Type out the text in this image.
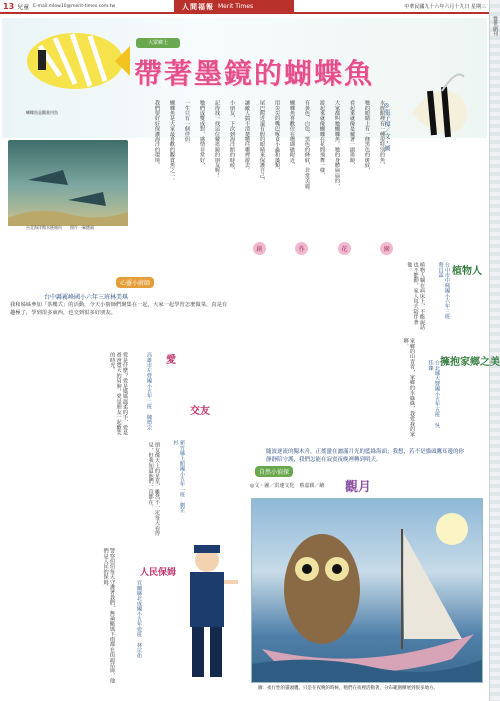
13 兒童 E-mail:mlow10@merit-times.com.tw	人間福報 Merit Times	中華民國九十六年六月十九日 星期三
覺世副刊
大眾鄉土
帶著墨鏡的蝴蝶魚
蝴蝶魚是觀賞用魚
台北海洋館水族箱內　　照片一畢德福
◎張子樟／文・圖
水族館裡有一種很特別的魚，
牠的眼睛上有一條黑色的斑紋，
看起來就像是戴著一副墨鏡，
大家都叫牠蝴蝶魚。牠的身體扁扁的，
游起來就像蝴蝶在花間飛舞一樣，
有黃色、白色、黑色的條紋，非常美麗。
蝴蝶魚喜歡住在珊瑚礁附近，
用尖尖的嘴巴啄食小蟲和藻類，
尾巴附近還有假的眼睛來保護自己，
讓敵人搞不清楚牠往哪裡游去。
小朋友，下次到海洋館的時候，
記得找一找這位戴墨鏡的朋友喔！
牠們成雙成對，感情非常好，
一生只有一個伴侶。
蝴蝶魚是大家最喜歡的觀賞魚之一。
我們要好好保護海洋的環境。
創	作	花	園
心靈小廚師
台中縣霧峰國小六年三班林美琪
我和姊姊參加「茶樓式」的活動，今天小廚師們聚集在一起，大家一起學習怎麼做菜，真是有趣極了，學到很多東西，也交到很多好朋友。
愛
高雄市左營國小五年二班　陳德宗
愛是什麼？愛是媽媽溫柔的手，愛是爸爸寬大的肩膀，愛是朋友一起歡笑的時光。
交友
新竹縣上館國小五年一班　劉芷杉
朋友像天上的星星，雖然不一定每天看得見，但我知道他們一直都在。
人民保姆
宜蘭縣北成國小五年愛班　林宗佑
警察伯伯每天守護著我們，無論颳風下雨都在街頭站崗，他們是人民的保姆。
植物人
台中市中興國小六年三班　蔡昌霖
植物人躺在病床上，不能說話也不能動，家人每天陪伴著他。
擁抱家鄉之美
台北縣大豐國小五年五班　吳佳臻
家鄉的山青青，家鄉的水綠綠，我愛我的家鄉。
自然小偵探
隨波逐流的獨木舟，正搖盪在灑滿月光的藍綠海面；我想，若不是貓頭鷹耳邊的你靜靜陪守護，我們怎能在寂寞夜晚裡轉到明天。
◎文・圖／洪速文化　蔡嘉穎／繪 觀月
圖：夜行性的貓頭鷹，只是在夜晚的時候，牠們在夜裡活動著，分布範圍擴展到很多地方。
